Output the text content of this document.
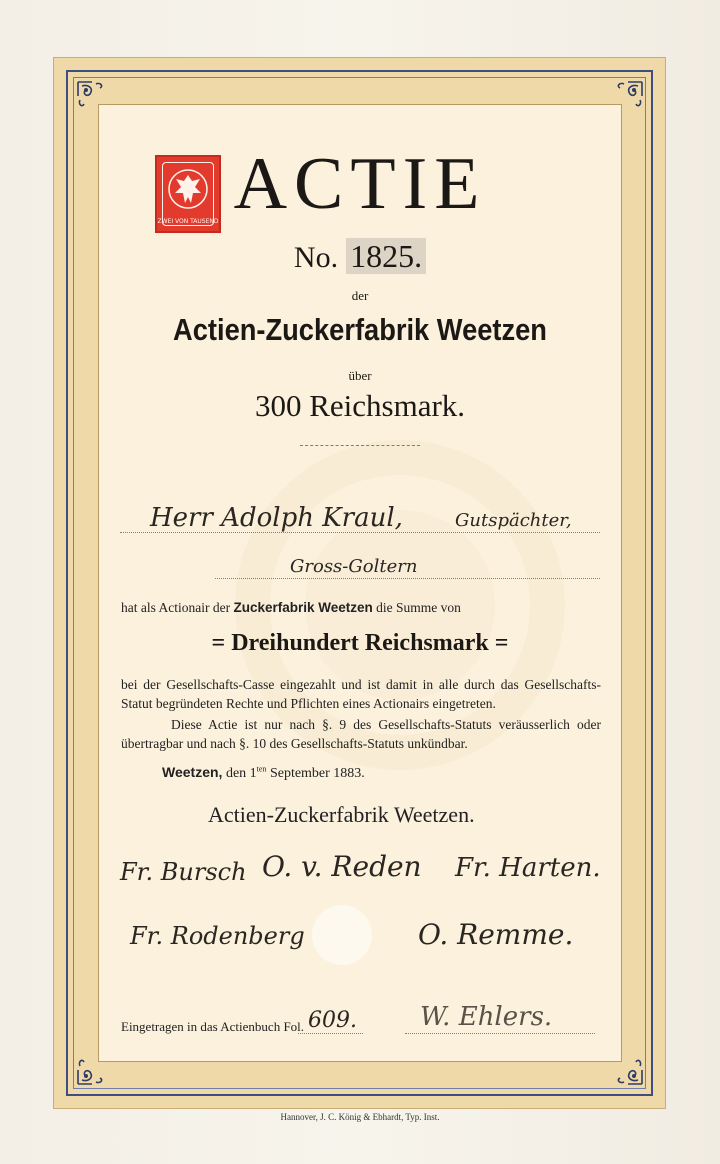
ZWEI VON TAUSEND ACTIE
No. 1825.
der
Actien-Zuckerfabrik Weetzen
über
300 Reichsmark.
Herr Adolph Kraul,	Gutspächter,
Gross-Goltern
hat als Actionair der Zuckerfabrik Weetzen die Summe von
= Dreihundert Reichsmark =
bei der Gesellschafts-Casse eingezahlt und ist damit in alle durch das Gesellschafts-Statut begründeten Rechte und Pflichten eines Actionairs eingetreten.
Diese Actie ist nur nach §. 9 des Gesellschafts-Statuts veräusserlich oder übertragbar und nach §. 10 des Gesellschafts-Statuts unkündbar.
Weetzen, den $1^{ten}$ September 1883.
Actien-Zuckerfabrik Weetzen.
Fr. Bursch O. v. Reden Fr. Harten.
Fr. Rodenberg	O. Remme.
Eingetragen in das Actienbuch Fol. 609. W. Ehlers.
Hannover, J. C. König & Ebhardt, Typ. Inst.
